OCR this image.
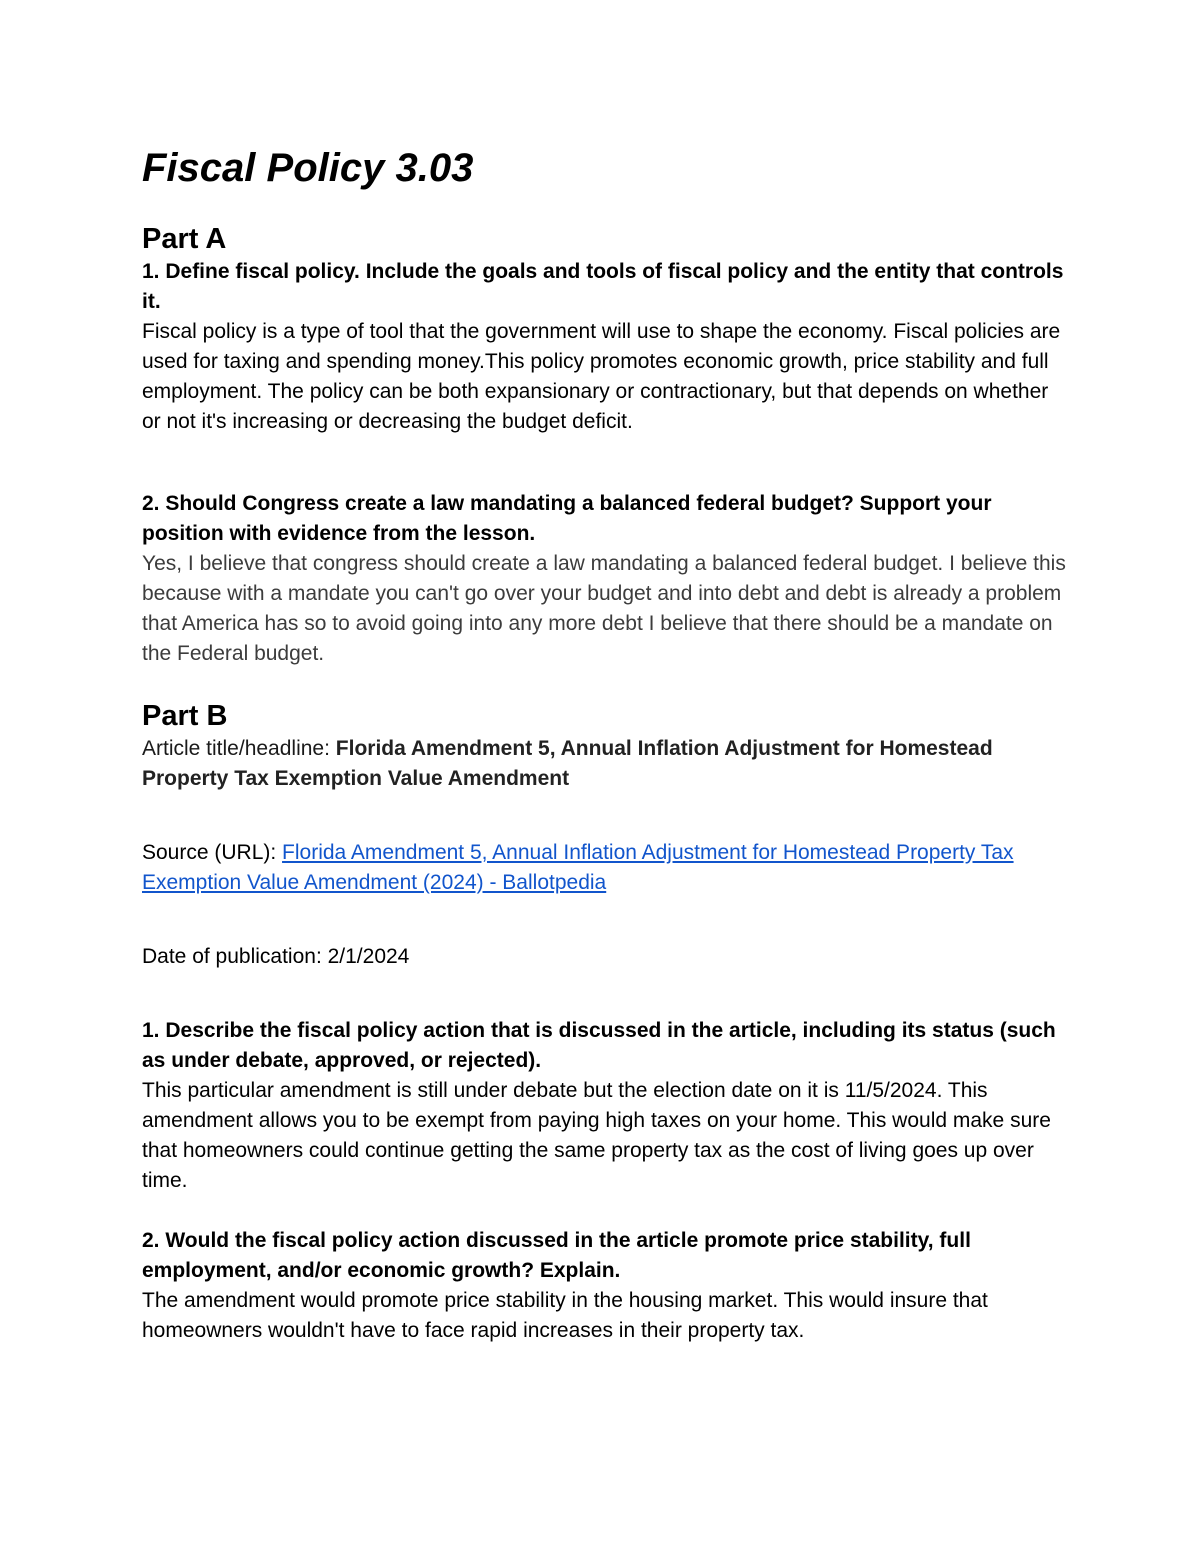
Fiscal Policy 3.03
Part A

1. Define fiscal policy. Include the goals and tools of fiscal policy and the entity that controls it.

Fiscal policy is a type of tool that the government will use to shape the economy. Fiscal policies are used for taxing and spending money.This policy promotes economic growth, price stability and full employment. The policy can be both expansionary or contractionary, but that depends on whether or not it's increasing or decreasing the budget deficit.

2. Should Congress create a law mandating a balanced federal budget? Support your position with evidence from the lesson.

Yes, I believe that congress should create a law mandating a balanced federal budget. I believe this because with a mandate you can't go over your budget and into debt and debt is already a problem that America has so to avoid going into any more debt I believe that there should be a mandate on the Federal budget.

Part B

Article title/headline: Florida Amendment 5, Annual Inflation Adjustment for Homestead Property Tax Exemption Value Amendment

Source (URL): Florida Amendment 5, Annual Inflation Adjustment for Homestead Property Tax Exemption Value Amendment (2024) - Ballotpedia

Date of publication: 2/1/2024

1. Describe the fiscal policy action that is discussed in the article, including its status (such as under debate, approved, or rejected).

This particular amendment is still under debate but the election date on it is 11/5/2024. This amendment allows you to be exempt from paying high taxes on your home. This would make sure that homeowners could continue getting the same property tax as the cost of living goes up over time.

2. Would the fiscal policy action discussed in the article promote price stability, full employment, and/or economic growth? Explain.

The amendment would promote price stability in the housing market. This would insure that homeowners wouldn't have to face rapid increases in their property tax.
